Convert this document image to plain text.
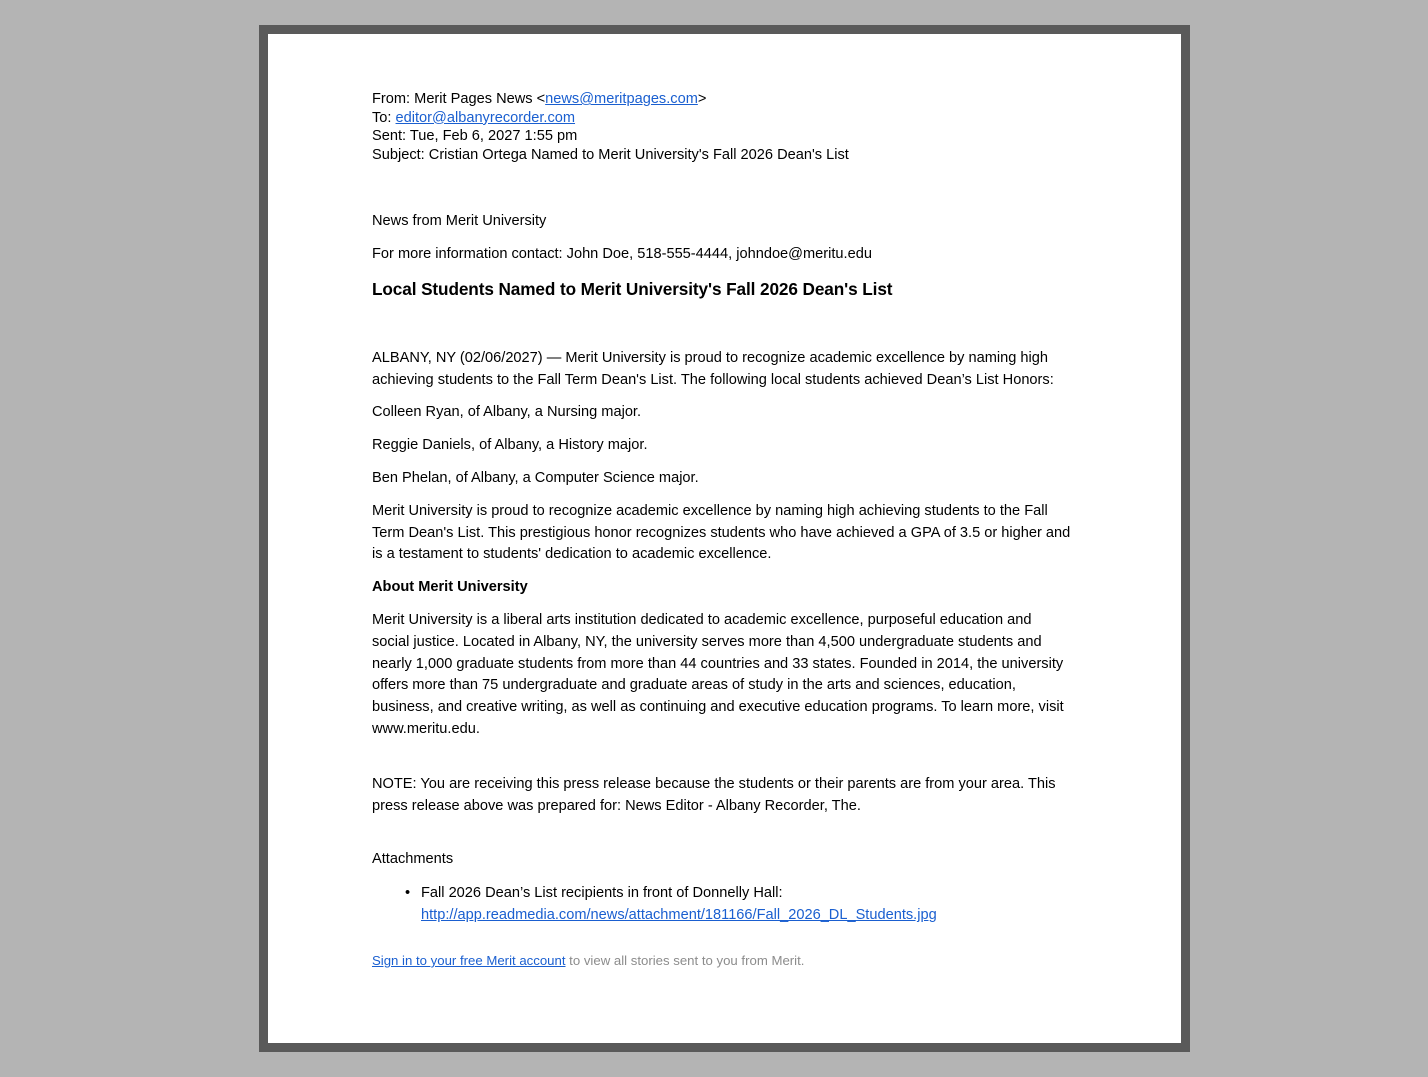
From: Merit Pages News <news@meritpages.com>
To: editor@albanyrecorder.com
Sent: Tue, Feb 6, 2027 1:55 pm
Subject: Cristian Ortega Named to Merit University's Fall 2026 Dean's List
News from Merit University
For more information contact: John Doe, 518-555-4444, johndoe@meritu.edu
Local Students Named to Merit University's Fall 2026 Dean's List

ALBANY, NY (02/06/2027) — Merit University is proud to recognize academic excellence by naming high achieving students to the Fall Term Dean's List. The following local students achieved Dean’s List Honors:

Colleen Ryan, of Albany, a Nursing major.

Reggie Daniels, of Albany, a History major.

Ben Phelan, of Albany, a Computer Science major.

Merit University is proud to recognize academic excellence by naming high achieving students to the Fall Term Dean's List. This prestigious honor recognizes students who have achieved a GPA of 3.5 or higher and is a testament to students' dedication to academic excellence.

About Merit University

Merit University is a liberal arts institution dedicated to academic excellence, purposeful education and social justice. Located in Albany, NY, the university serves more than 4,500 undergraduate students and nearly 1,000 graduate students from more than 44 countries and 33 states. Founded in 2014, the university offers more than 75 undergraduate and graduate areas of study in the arts and sciences, education, business, and creative writing, as well as continuing and executive education programs. To learn more, visit www.meritu.edu.

NOTE: You are receiving this press release because the students or their parents are from your area. This press release above was prepared for: News Editor - Albany Recorder, The.

Attachments
• Fall 2026 Dean’s List recipients in front of Donnelly Hall: http://app.readmedia.com/news/attachment/181166/Fall_2026_DL_Students.jpg
Sign in to your free Merit account to view all stories sent to you from Merit.
